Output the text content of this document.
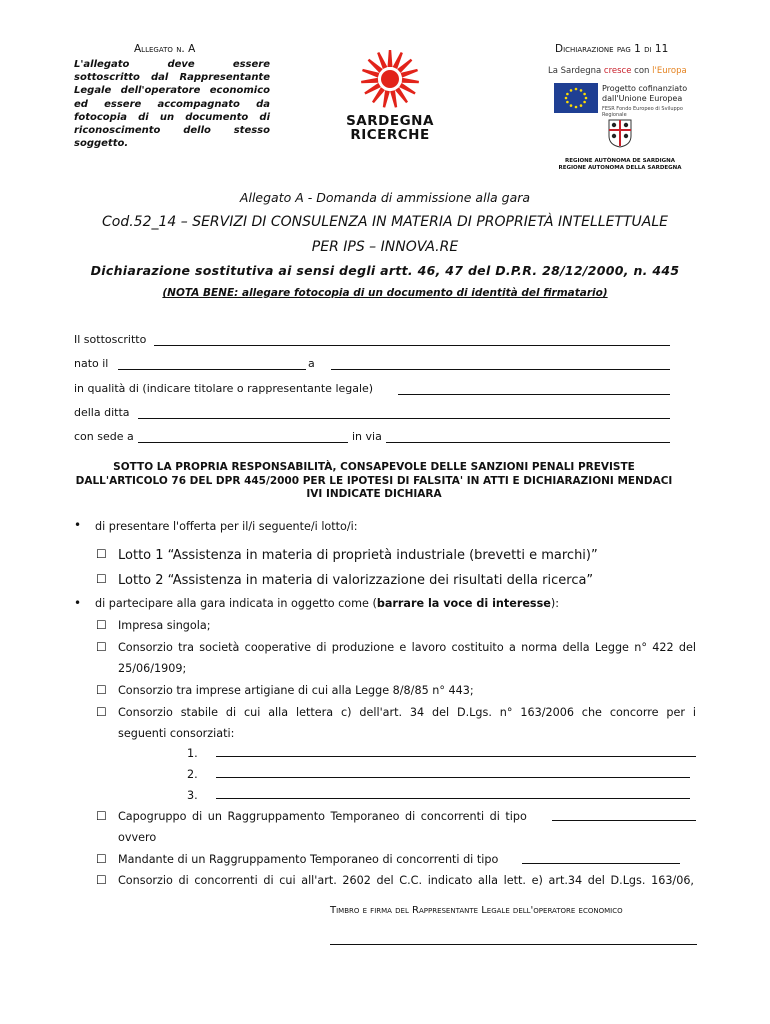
Allegato n. A
L'allegato deve essere sottoscritto dal Rappresentante Legale dell'operatore economico ed essere accompagnato da fotocopia di un documento di riconoscimento dello stesso soggetto.
Dichiarazione pag 1 di 11
SARDEGNA
RICERCHE
La Sardegna cresce con l'Europa
Progetto cofinanziato dall'Unione Europea
FESR Fondo Europeo di Sviluppo Regionale
REGIONE AUTÒNOMA DE SARDIGNA
REGIONE AUTONOMA DELLA SARDEGNA
Allegato A - Domanda di ammissione alla gara
Cod.52_14 – SERVIZI DI CONSULENZA IN MATERIA DI PROPRIETÀ INTELLETTUALE
PER IPS – INNOVA.RE
Dichiarazione sostitutiva ai sensi degli artt. 46, 47 del D.P.R. 28/12/2000, n. 445
(NOTA BENE: allegare fotocopia di un documento di identità del firmatario)
Il sottoscritto
nato il	a
in qualità di (indicare titolare o rappresentante legale)
della ditta
con sede a	in via
SOTTO LA PROPRIA RESPONSABILITÀ, CONSAPEVOLE DELLE SANZIONI PENALI PREVISTE DALL'ARTICOLO 76 DEL DPR 445/2000 PER LE IPOTESI DI FALSITA' IN ATTI E DICHIARAZIONI MENDACI IVI INDICATE DICHIARA
• di presentare l'offerta per il/i seguente/i lotto/i:
☐ Lotto 1 “Assistenza in materia di proprietà industriale (brevetti e marchi)”
☐ Lotto 2 “Assistenza in materia di valorizzazione dei risultati della ricerca”
• di partecipare alla gara indicata in oggetto come (barrare la voce di interesse):
☐ Impresa singola;
☐ Consorzio tra società cooperative di produzione e lavoro costituito a norma della Legge n° 422 del
25/06/1909;
☐ Consorzio tra imprese artigiane di cui alla Legge 8/8/85 n° 443;
☐ Consorzio stabile di cui alla lettera c) dell'art. 34 del D.Lgs. n° 163/2006 che concorre per i
seguenti consorziati:
1.
2.
3.
☐ Capogruppo di un Raggruppamento Temporaneo di concorrenti di tipo
ovvero
☐ Mandante di un Raggruppamento Temporaneo di concorrenti di tipo
☐ Consorzio di concorrenti di cui all'art. 2602 del C.C. indicato alla lett. e) art.34 del D.Lgs. 163/06,
Timbro e firma del Rappresentante Legale dell'operatore economico
